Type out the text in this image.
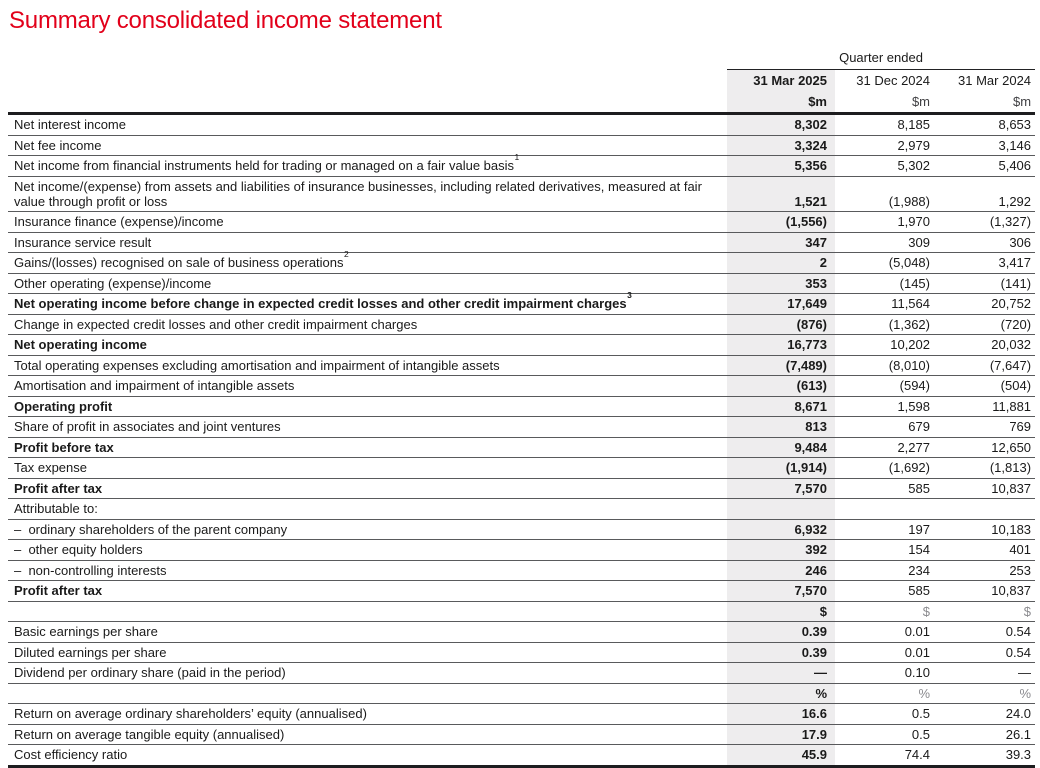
Summary consolidated income statement
	Quarter ended		
	31 Mar 2025	31 Dec 2024	31 Mar 2024
	$m	$m	$m
Net interest income	8,302	8,185	8,653
Net fee income	3,324	2,979	3,146
Net income from financial instruments held for trading or managed on a fair value basis$^1$	5,356	5,302	5,406
Net income/(expense) from assets and liabilities of insurance businesses, including related derivatives, measured at fair value through profit or loss	1,521	(1,988)	1,292
Insurance finance (expense)/income	(1,556)	1,970	(1,327)
Insurance service result	347	309	306
Gains/(losses) recognised on sale of business operations$^2$	2	(5,048)	3,417
Other operating (expense)/income	353	(145)	(141)
Net operating income before change in expected credit losses and other credit impairment charges$^3$	17,649	11,564	20,752
Change in expected credit losses and other credit impairment charges	(876)	(1,362)	(720)
Net operating income	16,773	10,202	20,032
Total operating expenses excluding amortisation and impairment of intangible assets	(7,489)	(8,010)	(7,647)
Amortisation and impairment of intangible assets	(613)	(594)	(504)
Operating profit	8,671	1,598	11,881
Share of profit in associates and joint ventures	813	679	769
Profit before tax	9,484	2,277	12,650
Tax expense	(1,914)	(1,692)	(1,813)
Profit after tax	7,570	585	10,837
Attributable to:			
–  ordinary shareholders of the parent company	6,932	197	10,183
–  other equity holders	392	154	401
–  non-controlling interests	246	234	253
Profit after tax	7,570	585	10,837
	$	$	$
Basic earnings per share	0.39	0.01	0.54
Diluted earnings per share	0.39	0.01	0.54
Dividend per ordinary share (paid in the period)	—	0.10	—
	%	%	%
Return on average ordinary shareholders’ equity (annualised)	16.6	0.5	24.0
Return on average tangible equity (annualised)	17.9	0.5	26.1
Cost efficiency ratio	45.9	74.4	39.3
